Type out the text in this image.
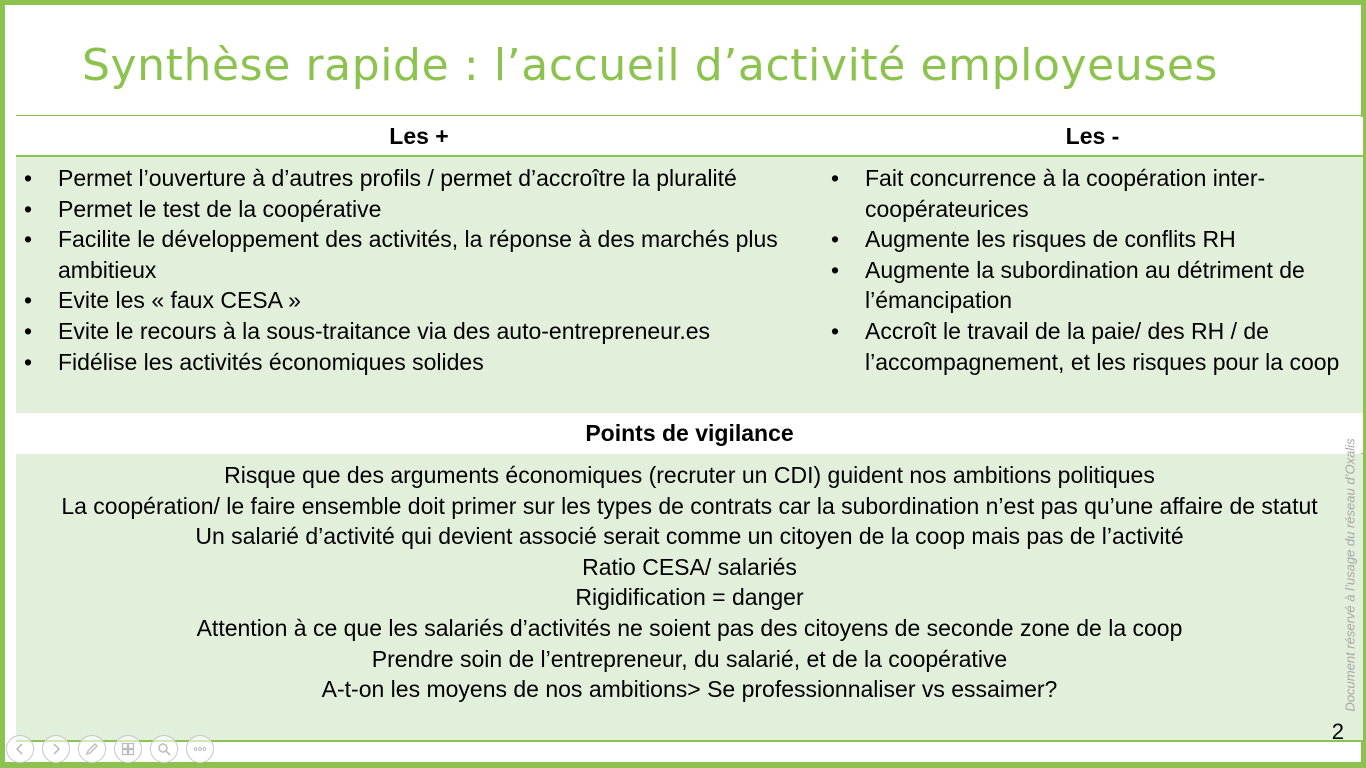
Synthèse rapide : l’accueil d’activité employeuses
Les +	Les -
• Permet l’ouverture à d’autres profils / permet d’accroître la pluralité
• Permet le test de la coopérative
• Facilite le développement des activités, la réponse à des marchés plus ambitieux
• Evite les « faux CESA »
• Evite le recours à la sous-traitance via des auto-entrepreneur.es
• Fidélise les activités économiques solides
• Fait concurrence à la coopération inter-coopérateurices
• Augmente les risques de conflits RH
• Augmente la subordination au détriment de l’émancipation
• Accroît le travail de la paie/ des RH / de l’accompagnement, et les risques pour la coop
Points de vigilance
Risque que des arguments économiques (recruter un CDI) guident nos ambitions politiques
La coopération/ le faire ensemble doit primer sur les types de contrats car la subordination n’est pas qu’une affaire de statut
Un salarié d’activité qui devient associé serait comme un citoyen de la coop mais pas de l’activité
Ratio CESA/ salariés
Rigidification = danger
Attention à ce que les salariés d’activités ne soient pas des citoyens de seconde zone de la coop
Prendre soin de l’entrepreneur, du salarié, et de la coopérative
A-t-on les moyens de nos ambitions> Se professionnaliser vs essaimer?	Document réservé à l’usage du réseau d’Oxalis
2
